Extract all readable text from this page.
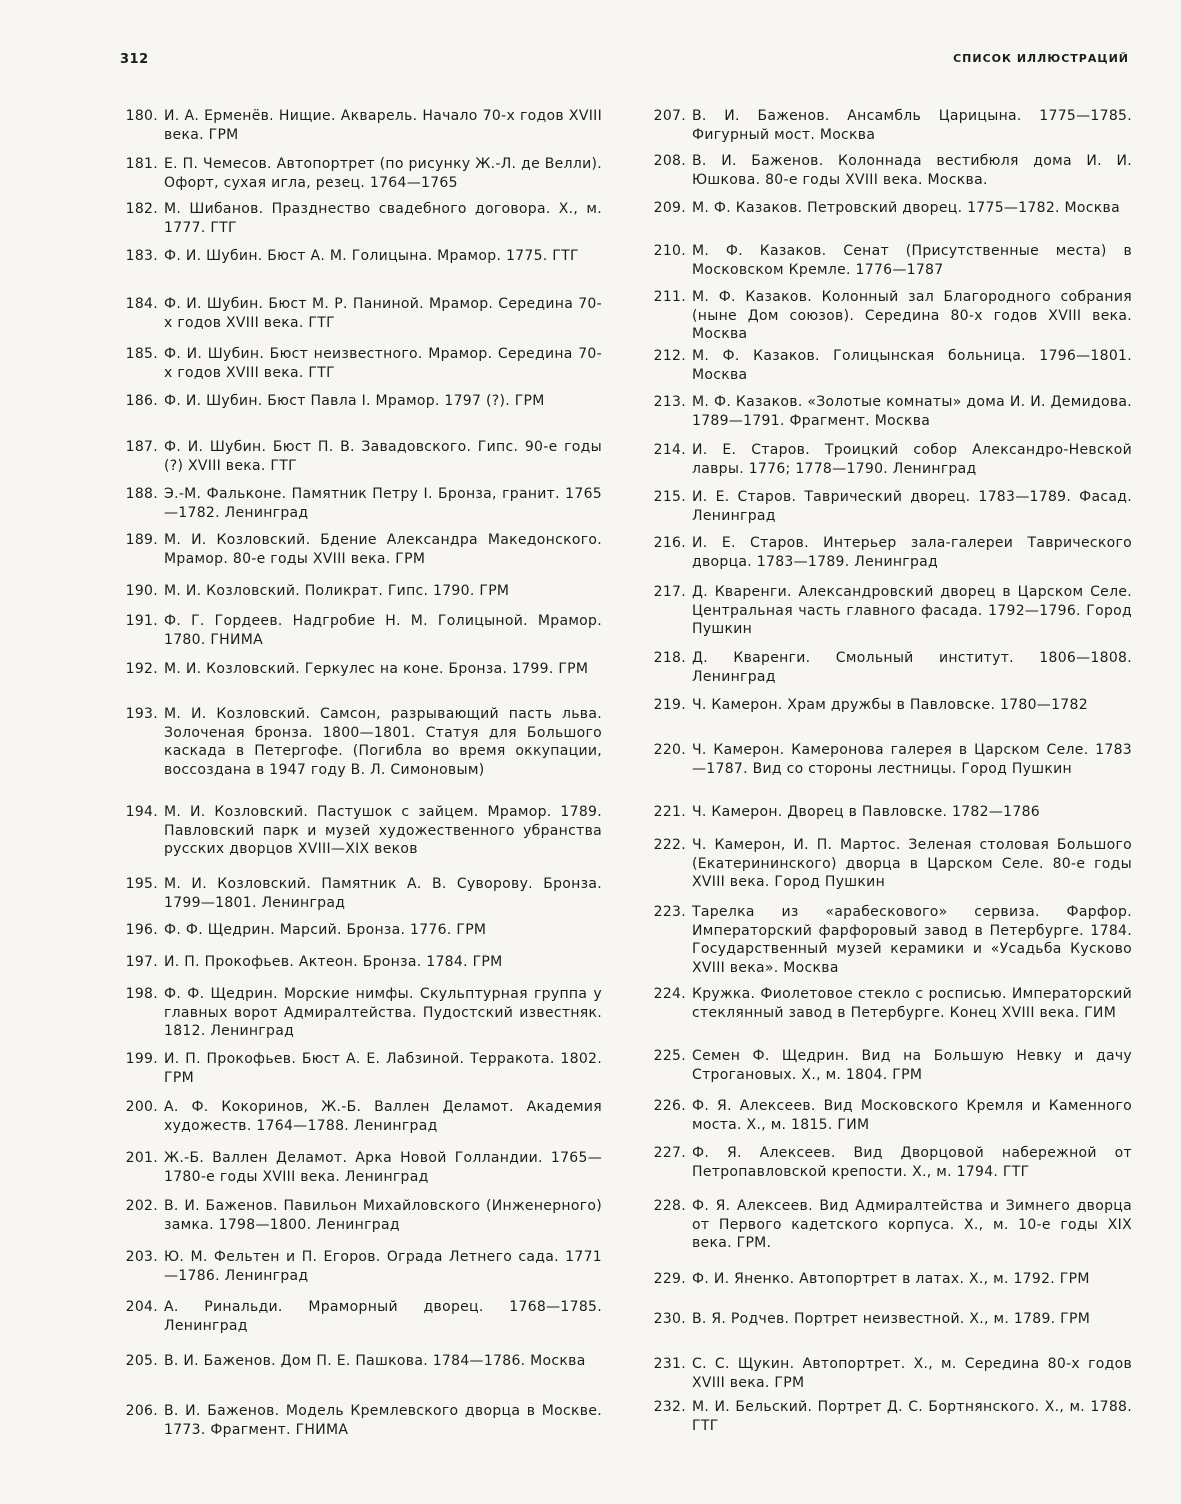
312	СПИСОК ИЛЛЮСТРАЦИЙ
180. И. А. Ерменёв. Нищие. Акварель. Начало 70-х годов XVIII века. ГРМ
181. Е. П. Чемесов. Автопортрет (по рисунку Ж.-Л. де Велли). Офорт, сухая игла, резец. 1764—1765
182. М. Шибанов. Празднество свадебного договора. Х., м. 1777. ГТГ
183. Ф. И. Шубин. Бюст А. М. Голицына. Мрамор. 1775. ГТГ
184. Ф. И. Шубин. Бюст М. Р. Паниной. Мрамор. Середина 70-х годов XVIII века. ГТГ
185. Ф. И. Шубин. Бюст неизвестного. Мрамор. Середина 70-х годов XVIII века. ГТГ
186. Ф. И. Шубин. Бюст Павла I. Мрамор. 1797 (?). ГРМ
187. Ф. И. Шубин. Бюст П. В. Завадовского. Гипс. 90-е годы (?) XVIII века. ГТГ
188. Э.-М. Фальконе. Памятник Петру I. Бронза, гранит. 1765—1782. Ленинград
189. М. И. Козловский. Бдение Александра Македонского. Мрамор. 80-е годы XVIII века. ГРМ
190. М. И. Козловский. Поликрат. Гипс. 1790. ГРМ
191. Ф. Г. Гордеев. Надгробие Н. М. Голицыной. Мрамор. 1780. ГНИМА
192. М. И. Козловский. Геркулес на коне. Бронза. 1799. ГРМ
193. М. И. Козловский. Самсон, разрывающий пасть льва. Золоченая бронза. 1800—1801. Статуя для Большого каскада в Петергофе. (Погибла во время оккупации, воссоздана в 1947 году В. Л. Симоновым)
194. М. И. Козловский. Пастушок с зайцем. Мрамор. 1789. Павловский парк и музей художественного убранства русских дворцов XVIII—XIX веков
195. М. И. Козловский. Памятник А. В. Суворову. Бронза. 1799—1801. Ленинград
196. Ф. Ф. Щедрин. Марсий. Бронза. 1776. ГРМ
197. И. П. Прокофьев. Актеон. Бронза. 1784. ГРМ
198. Ф. Ф. Щедрин. Морские нимфы. Скульптурная группа у главных ворот Адмиралтейства. Пудостский известняк. 1812. Ленинград
199. И. П. Прокофьев. Бюст А. Е. Лабзиной. Терракота. 1802. ГРМ
200. А. Ф. Кокоринов, Ж.-Б. Валлен Деламот. Академия художеств. 1764—1788. Ленинград
201. Ж.-Б. Валлен Деламот. Арка Новой Голландии. 1765—1780-е годы XVIII века. Ленинград
202. В. И. Баженов. Павильон Михайловского (Инженерного) замка. 1798—1800. Ленинград
203. Ю. М. Фельтен и П. Егоров. Ограда Летнего сада. 1771—1786. Ленинград
204. А. Ринальди. Мраморный дворец. 1768—1785. Ленинград
205. В. И. Баженов. Дом П. Е. Пашкова. 1784—1786. Москва
206. В. И. Баженов. Модель Кремлевского дворца в Москве. 1773. Фрагмент. ГНИМА
207. В. И. Баженов. Ансамбль Царицына. 1775—1785. Фигурный мост. Москва
208. В. И. Баженов. Колоннада вестибюля дома И. И. Юшкова. 80-е годы XVIII века. Москва.
209. М. Ф. Казаков. Петровский дворец. 1775—1782. Москва
210. М. Ф. Казаков. Сенат (Присутственные места) в Московском Кремле. 1776—1787
211. М. Ф. Казаков. Колонный зал Благородного собрания (ныне Дом союзов). Середина 80-х годов XVIII века. Москва
212. М. Ф. Казаков. Голицынская больница. 1796—1801. Москва
213. М. Ф. Казаков. «Золотые комнаты» дома И. И. Демидова. 1789—1791. Фрагмент. Москва
214. И. Е. Старов. Троицкий собор Александро-Невской лавры. 1776; 1778—1790. Ленинград
215. И. Е. Старов. Таврический дворец. 1783—1789. Фасад. Ленинград
216. И. Е. Старов. Интерьер зала-галереи Таврического дворца. 1783—1789. Ленинград
217. Д. Кваренги. Александровский дворец в Царском Селе. Центральная часть главного фасада. 1792—1796. Город Пушкин
218. Д. Кваренги. Смольный институт. 1806—1808. Ленинград
219. Ч. Камерон. Храм дружбы в Павловске. 1780—1782
220. Ч. Камерон. Камеронова галерея в Царском Селе. 1783—1787. Вид со стороны лестницы. Город Пушкин
221. Ч. Камерон. Дворец в Павловске. 1782—1786
222. Ч. Камерон, И. П. Мартос. Зеленая столовая Большого (Екатерининского) дворца в Царском Селе. 80-е годы XVIII века. Город Пушкин
223. Тарелка из «арабескового» сервиза. Фарфор. Императорский фарфоровый завод в Петербурге. 1784. Государственный музей керамики и «Усадьба Кусково XVIII века». Москва
224. Кружка. Фиолетовое стекло с росписью. Императорский стеклянный завод в Петербурге. Конец XVIII века. ГИМ
225. Семен Ф. Щедрин. Вид на Большую Невку и дачу Строгановых. Х., м. 1804. ГРМ
226. Ф. Я. Алексеев. Вид Московского Кремля и Каменного моста. Х., м. 1815. ГИМ
227. Ф. Я. Алексеев. Вид Дворцовой набережной от Петропавловской крепости. Х., м. 1794. ГТГ
228. Ф. Я. Алексеев. Вид Адмиралтейства и Зимнего дворца от Первого кадетского корпуса. Х., м. 10-е годы XIX века. ГРМ.
229. Ф. И. Яненко. Автопортрет в латах. Х., м. 1792. ГРМ
230. В. Я. Родчев. Портрет неизвестной. Х., м. 1789. ГРМ
231. С. С. Щукин. Автопортрет. Х., м. Середина 80-х годов XVIII века. ГРМ
232. М. И. Бельский. Портрет Д. С. Бортнянского. Х., м. 1788. ГТГ
